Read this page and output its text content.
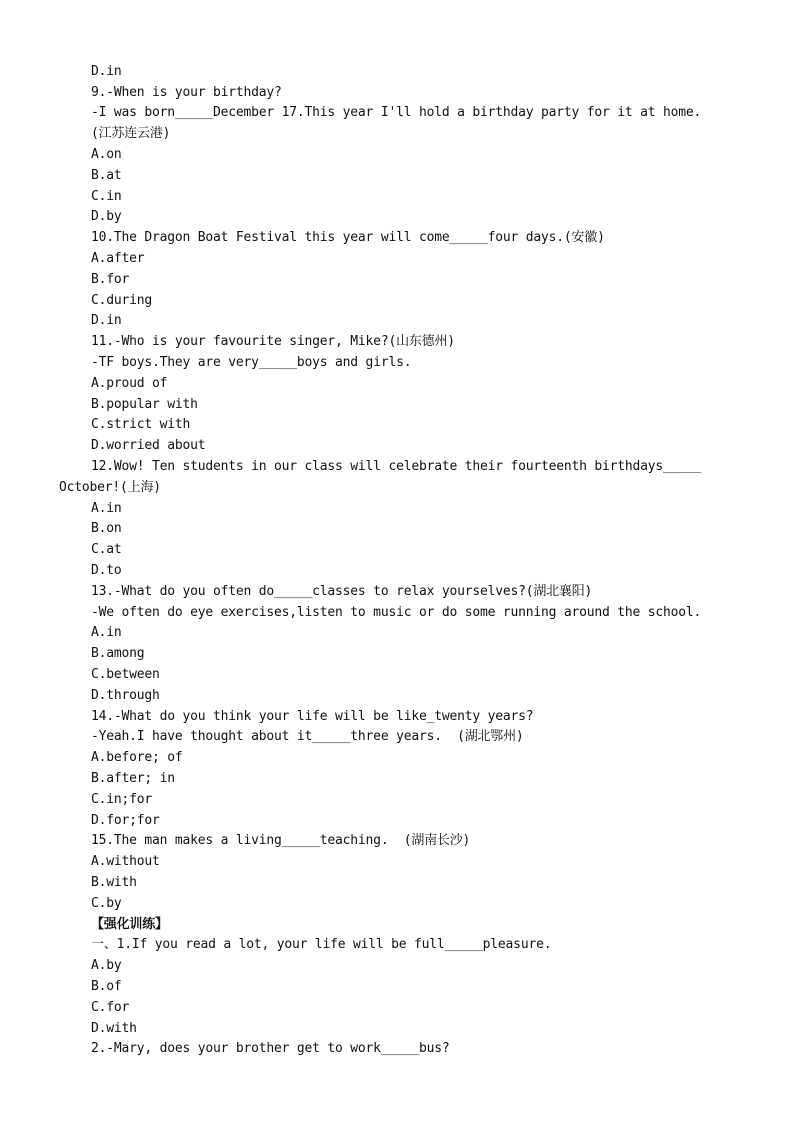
D.in
9.-When is your birthday?
-I was born_____December 17.This year I'll hold a birthday party for it at home.
(江苏连云港)
A.on
B.at
C.in
D.by
10.The Dragon Boat Festival this year will come_____four days.(安徽)
A.after
B.for
C.during
D.in
11.-Who is your favourite singer, Mike?(山东德州)
-TF boys.They are very_____boys and girls.
A.proud of
B.popular with
C.strict with
D.worried about
12.Wow! Ten students in our class will celebrate their fourteenth birthdays_____
October!(上海)
A.in
B.on
C.at
D.to
13.-What do you often do_____classes to relax yourselves?(湖北襄阳)
-We often do eye exercises,listen to music or do some running around the school.
A.in
B.among
C.between
D.through
14.-What do you think your life will be like_twenty years?
-Yeah.I have thought about it_____three years.  (湖北鄂州)
A.before; of
B.after; in
C.in;for
D.for;for
15.The man makes a living_____teaching.  (湖南长沙)
A.without
B.with
C.by
【强化训练】
一、1.If you read a lot, your life will be full_____pleasure.
A.by
B.of
C.for
D.with
2.-Mary, does your brother get to work_____bus?
